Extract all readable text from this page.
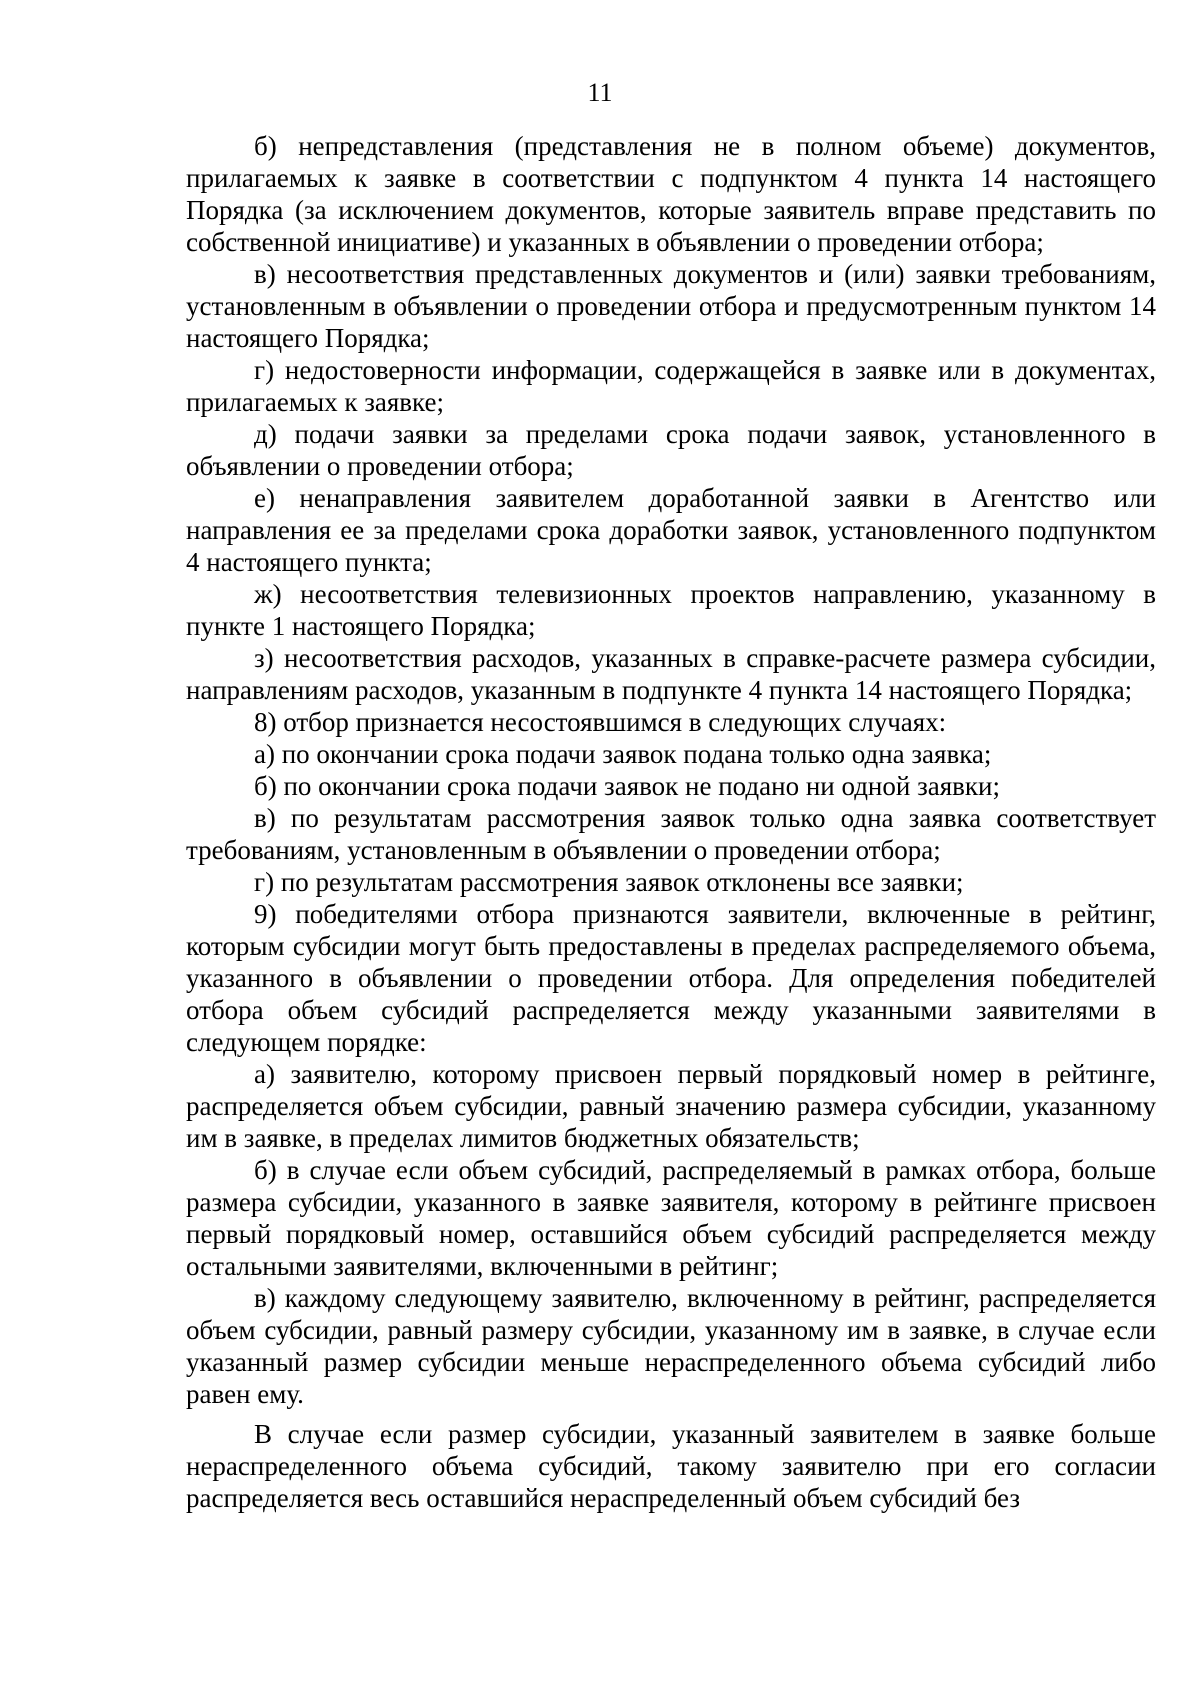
11

б) непредставления (представления не в полном объеме) документов, прилагаемых к заявке в соответствии с подпунктом 4 пункта 14 настоящего Порядка (за исключением документов, которые заявитель вправе представить по собственной инициативе) и указанных в объявлении о проведении отбора;

в) несоответствия представленных документов и (или) заявки требованиям, установленным в объявлении о проведении отбора и предусмотренным пунктом 14 настоящего Порядка;

г) недостоверности информации, содержащейся в заявке или в документах, прилагаемых к заявке;

д) подачи заявки за пределами срока подачи заявок, установленного в объявлении о проведении отбора;

е) ненаправления заявителем доработанной заявки в Агентство или направления ее за пределами срока доработки заявок, установленного подпунктом 4 настоящего пункта;

ж) несоответствия телевизионных проектов направлению, указанному в пункте 1 настоящего Порядка;

з) несоответствия расходов, указанных в справке-расчете размера субсидии, направлениям расходов, указанным в подпункте 4 пункта 14 настоящего Порядка;

8) отбор признается несостоявшимся в следующих случаях:

а) по окончании срока подачи заявок подана только одна заявка;

б) по окончании срока подачи заявок не подано ни одной заявки;

в) по результатам рассмотрения заявок только одна заявка соответствует требованиям, установленным в объявлении о проведении отбора;

г) по результатам рассмотрения заявок отклонены все заявки;

9) победителями отбора признаются заявители, включенные в рейтинг, которым субсидии могут быть предоставлены в пределах распределяемого объема, указанного в объявлении о проведении отбора. Для определения победителей отбора объем субсидий распределяется между указанными заявителями в следующем порядке:

а) заявителю, которому присвоен первый порядковый номер в рейтинге, распределяется объем субсидии, равный значению размера субсидии, указанному им в заявке, в пределах лимитов бюджетных обязательств;

б) в случае если объем субсидий, распределяемый в рамках отбора, больше размера субсидии, указанного в заявке заявителя, которому в рейтинге присвоен первый порядковый номер, оставшийся объем субсидий распределяется между остальными заявителями, включенными в рейтинг;

в) каждому следующему заявителю, включенному в рейтинг, распределяется объем субсидии, равный размеру субсидии, указанному им в заявке, в случае если указанный размер субсидии меньше нераспределенного объема субсидий либо равен ему.

В случае если размер субсидии, указанный заявителем в заявке больше нераспределенного объема субсидий, такому заявителю при его согласии распределяется весь оставшийся нераспределенный объем субсидий без
